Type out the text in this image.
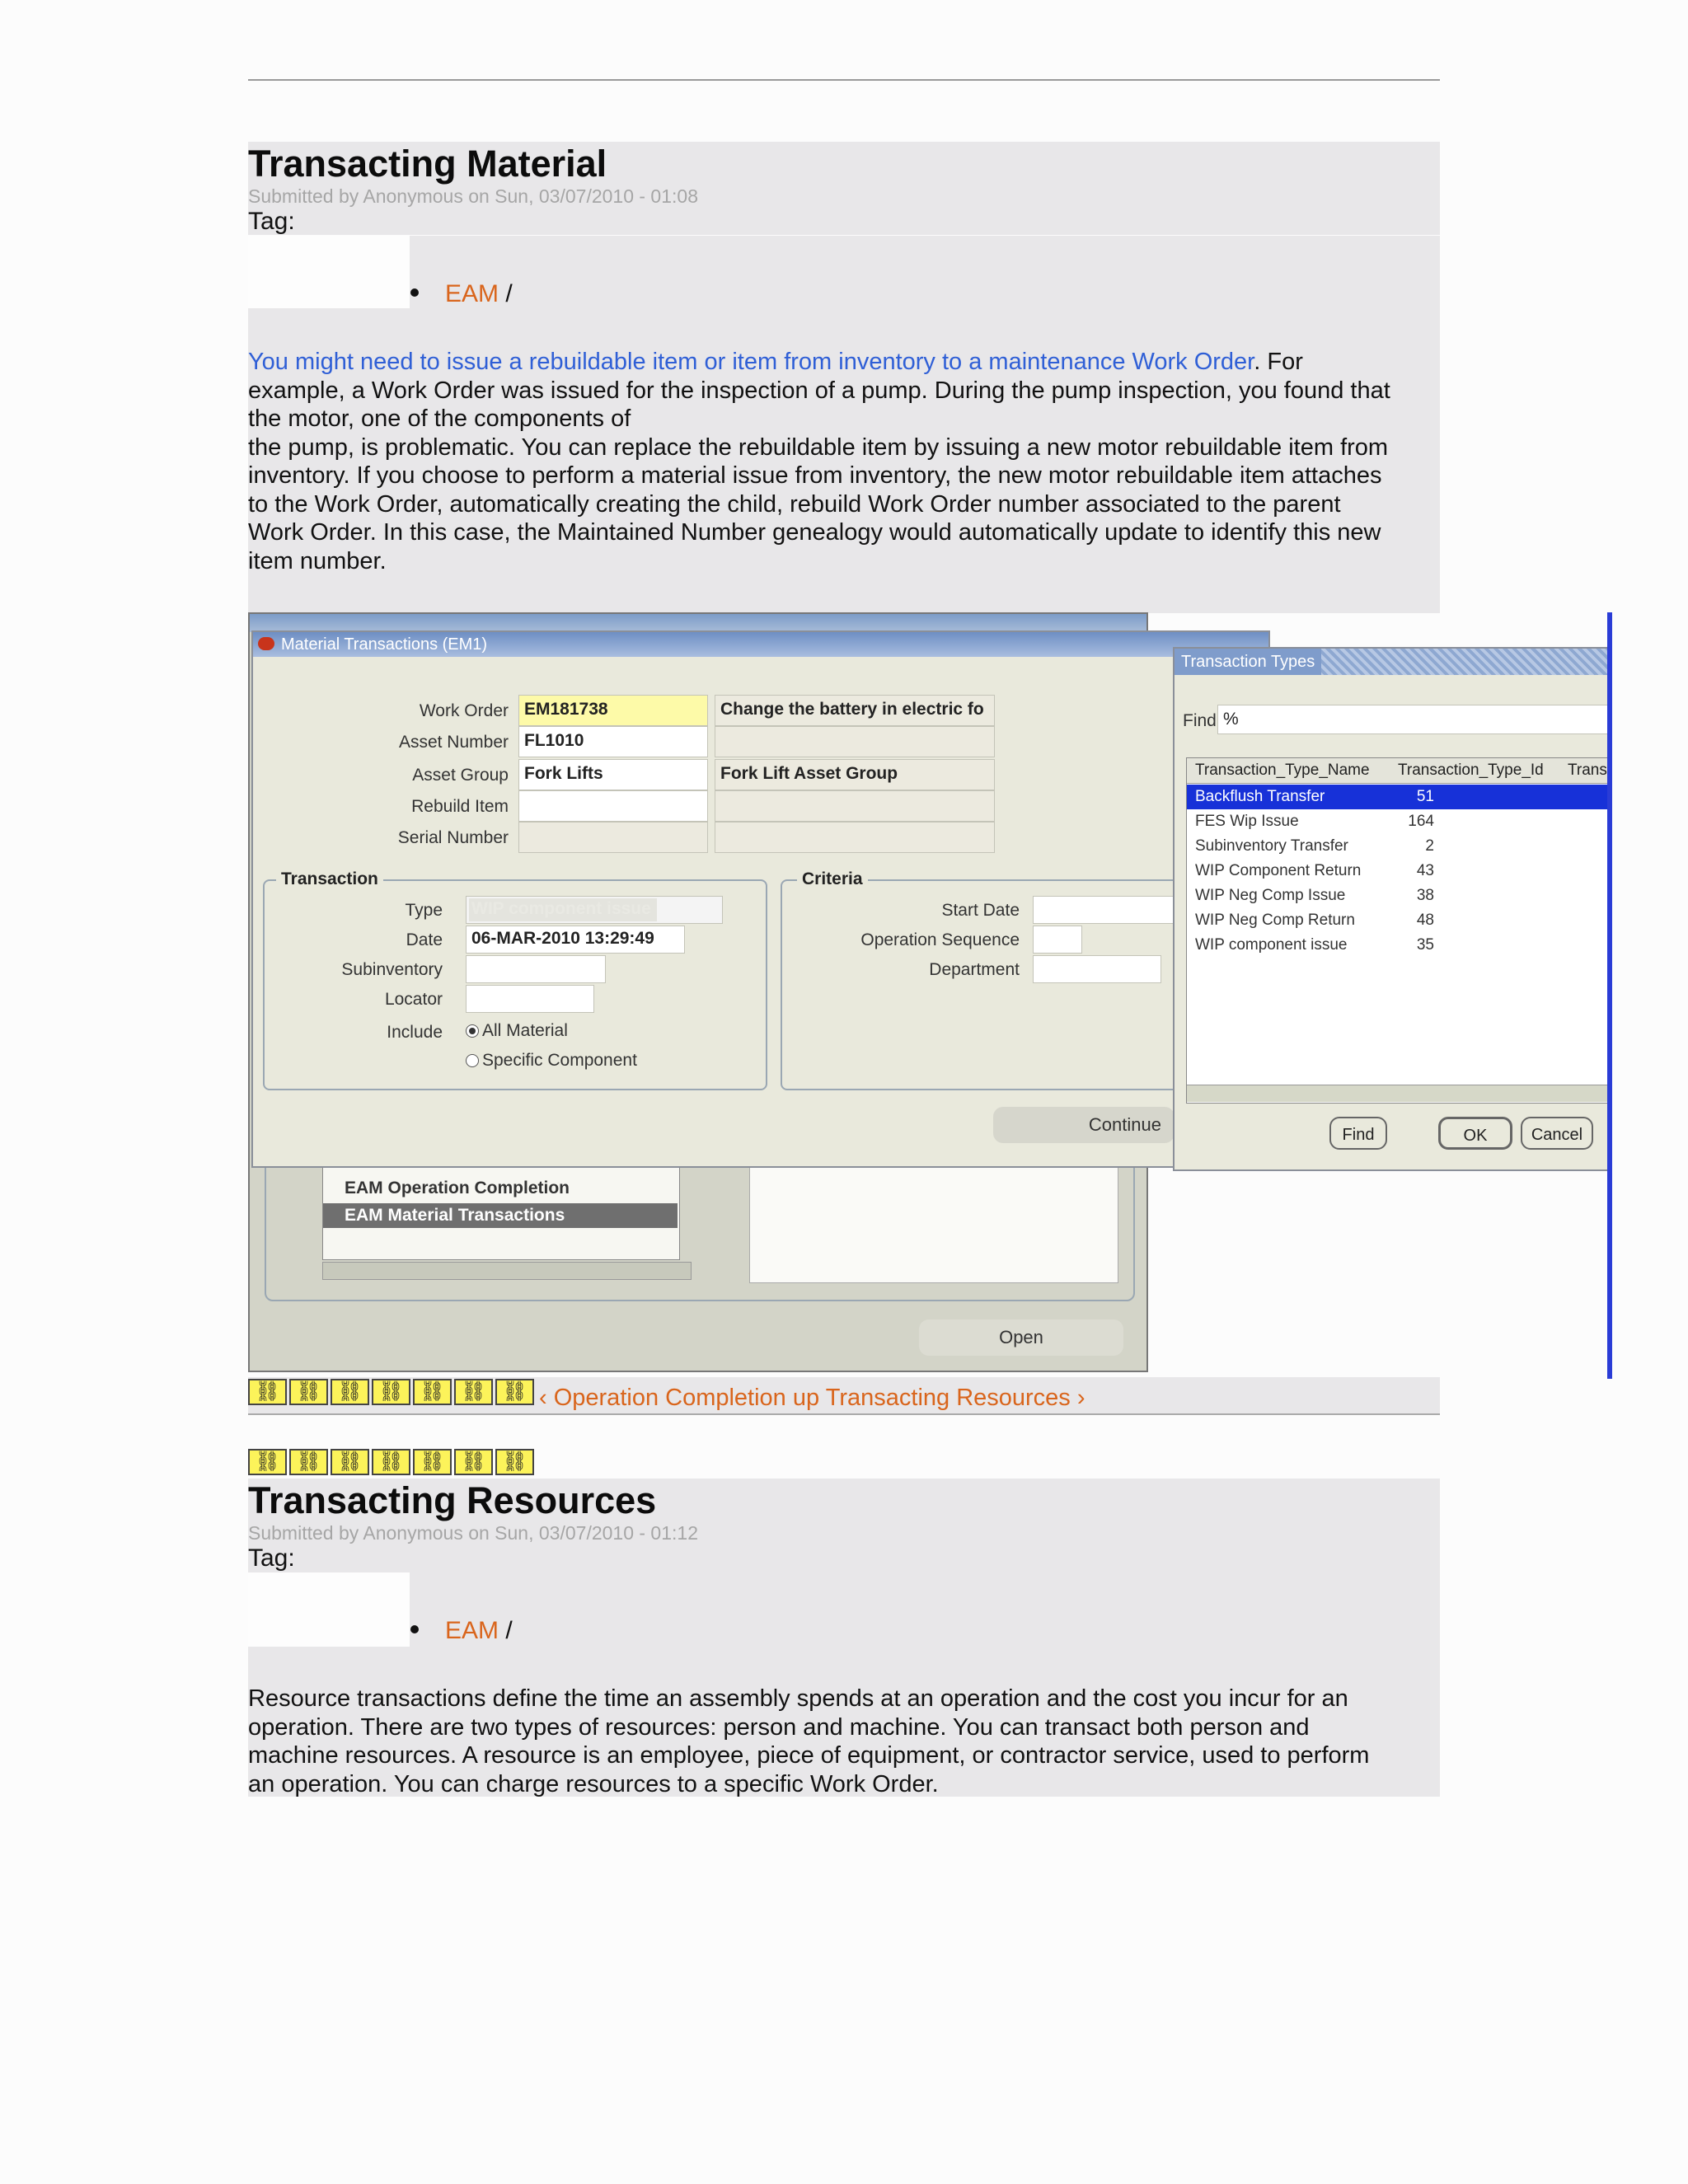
Transacting Material
Submitted by Anonymous on Sun, 03/07/2010 - 01:08
Tag:
EAM /
You might need to issue a rebuildable item or item from inventory to a maintenance Work Order. For
example, a Work Order was issued for the inspection of a pump. During the pump inspection, you found that
the motor, one of the components of
the pump, is problematic. You can replace the rebuildable item by issuing a new motor rebuildable item from
inventory. If you choose to perform a material issue from inventory, the new motor rebuildable item attaches
to the Work Order, automatically creating the child, rebuild Work Order number associated to the parent
Work Order. In this case, the Maintained Number genealogy would automatically update to identify this new
item number.
EAM Operation Completion
EAM Material Transactions
Open
Material Transactions (EM1)
Work Order EM181738	Change the battery in electric fo
Asset Number FL1010
Asset Group Fork Lifts	Fork Lift Asset Group
Rebuild Item
Serial Number
Transaction
Type
Date	06-MAR-2010 13:29:49
Subinventory
Locator
Include	All Material
Specific Component
Criteria
Start Date
Operation Sequence
Department
Continue
Transaction Types
Find %
Transaction_Type_Name Transaction_Type_Id Trans
Backflush Transfer	51
FES Wip Issue	164
Subinventory Transfer	2
WIP Component Return	43
WIP Neg Comp Issue	38
WIP Neg Comp Return	48
WIP component issue	35
Find	OK	Cancel
⛓ ⛓ ⛓ ⛓ ⛓ ⛓ ⛓ ‹ Operation Completion up Transacting Resources ›
⛓ ⛓ ⛓ ⛓ ⛓ ⛓ ⛓
Transacting Resources
Submitted by Anonymous on Sun, 03/07/2010 - 01:12
Tag:
EAM /
Resource transactions define the time an assembly spends at an operation and the cost you incur for an
operation. There are two types of resources: person and machine. You can transact both person and
machine resources. A resource is an employee, piece of equipment, or contractor service, used to perform
an operation. You can charge resources to a specific Work Order.
